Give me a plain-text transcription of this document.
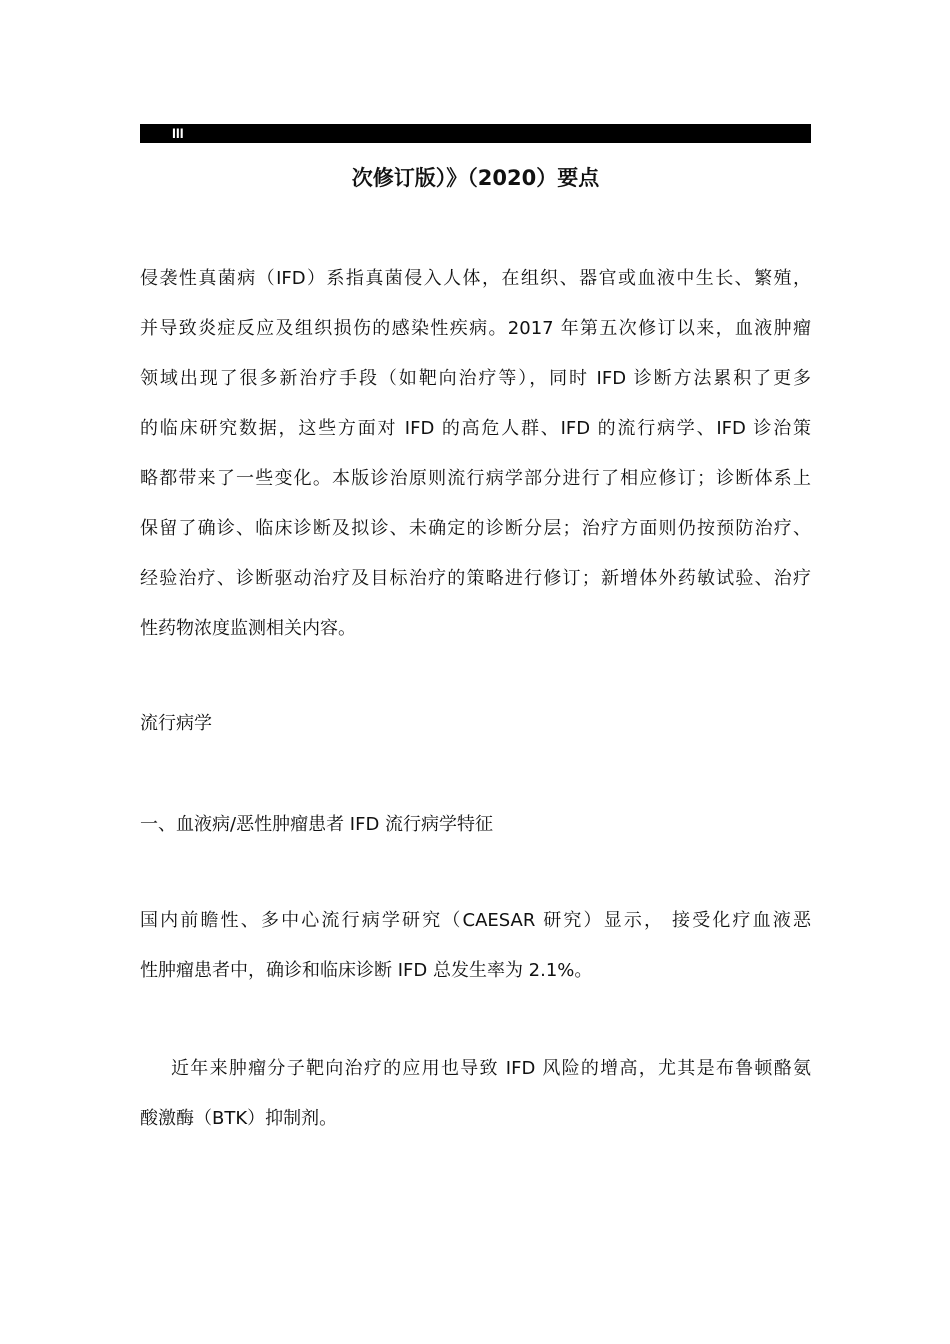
III
次修订版）》（2020）要点
侵袭性真菌病（IFD）系指真菌侵入人体，在组织、器官或血液中生长、繁殖，
并导致炎症反应及组织损伤的感染性疾病。2017 年第五次修订以来，血液肿瘤
领域出现了很多新治疗手段（如靶向治疗等），同时 IFD 诊断方法累积了更多
的临床研究数据，这些方面对 IFD 的高危人群、IFD 的流行病学、IFD 诊治策
略都带来了一些变化。本版诊治原则流行病学部分进行了相应修订；诊断体系上
保留了确诊、临床诊断及拟诊、未确定的诊断分层；治疗方面则仍按预防治疗、
经验治疗、诊断驱动治疗及目标治疗的策略进行修订；新增体外药敏试验、治疗
性药物浓度监测相关内容。
流行病学
一、血液病/恶性肿瘤患者 IFD 流行病学特征
国内前瞻性、多中心流行病学研究（CAESAR 研究）显示， 接受化疗血液恶
性肿瘤患者中，确诊和临床诊断 IFD 总发生率为 2.1%。
近年来肿瘤分子靶向治疗的应用也导致 IFD 风险的增高，尤其是布鲁顿酪氨
酸激酶（BTK）抑制剂。
